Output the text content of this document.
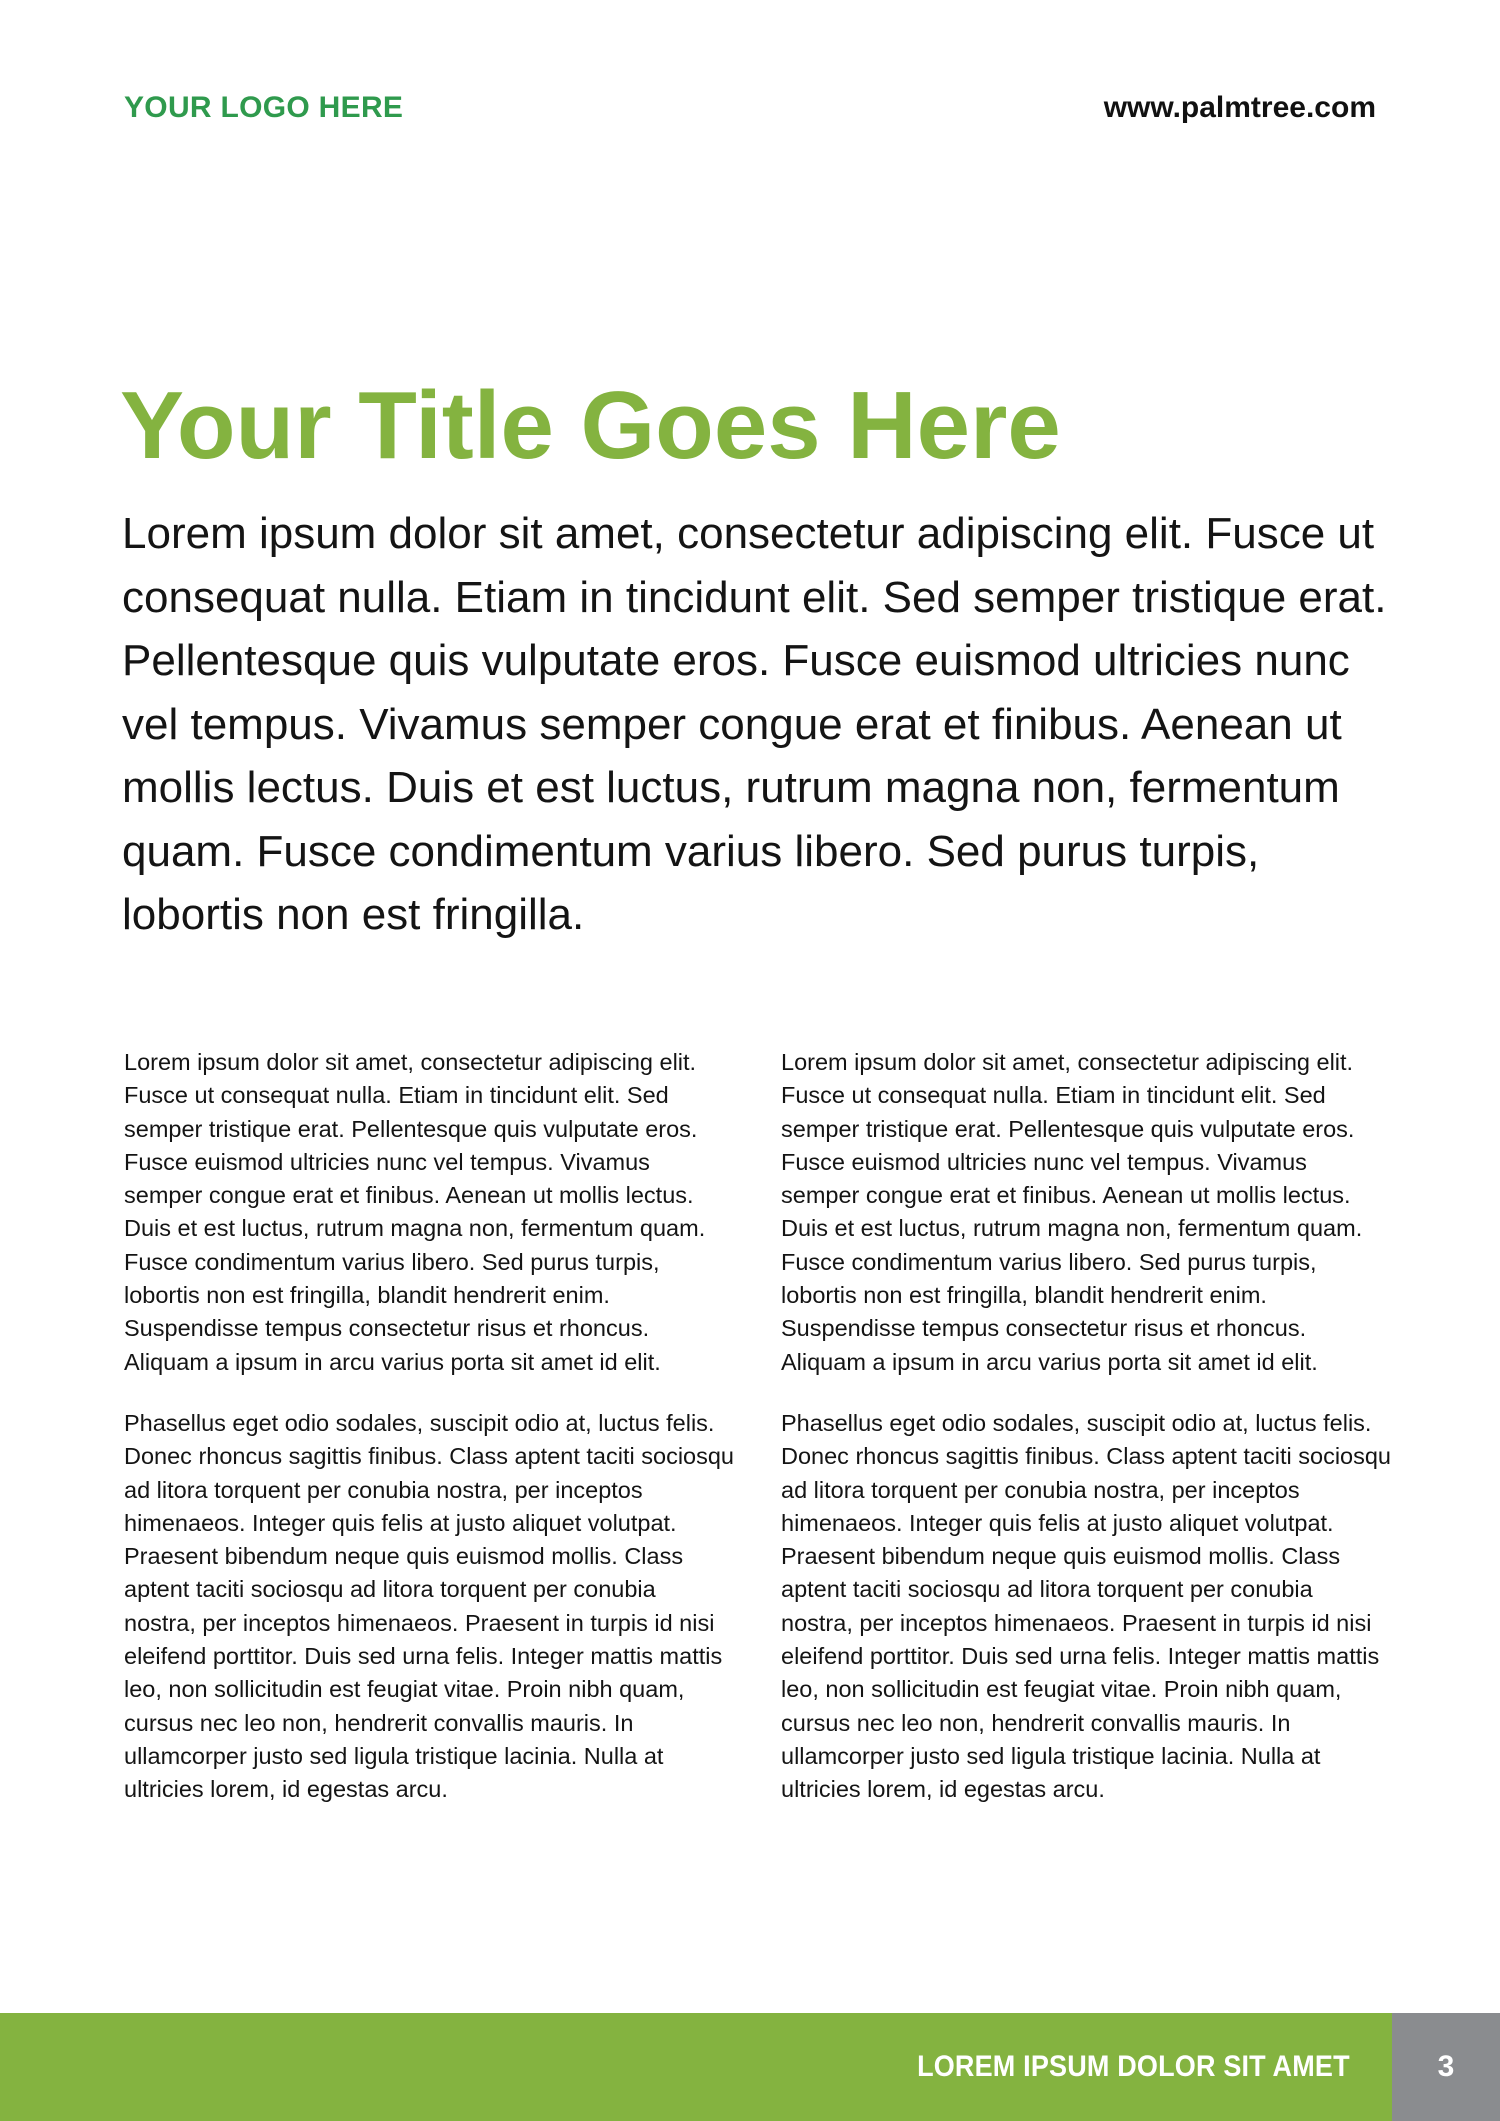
YOUR LOGO HERE	www.palmtree.com
Your Title Goes Here

Lorem ipsum dolor sit amet, consectetur adipiscing elit. Fusce ut consequat nulla. Etiam in tincidunt elit. Sed semper tristique erat. Pellentesque quis vulputate eros. Fusce euismod ultricies nunc vel tempus. Vivamus semper congue erat et finibus. Aenean ut mollis lectus. Duis et est luctus, rutrum magna non, fermentum quam. Fusce condimentum varius libero. Sed purus turpis, lobortis non est fringilla.

Lorem ipsum dolor sit amet, consectetur adipiscing elit. Fusce ut consequat nulla. Etiam in tincidunt elit. Sed semper tristique erat. Pellentesque quis vulputate eros. Fusce euismod ultricies nunc vel tempus. Vivamus semper congue erat et finibus. Aenean ut mollis lectus. Duis et est luctus, rutrum magna non, fermentum quam. Fusce condimentum varius libero. Sed purus turpis, lobortis non est fringilla, blandit hendrerit enim. Suspendisse tempus consectetur risus et rhoncus. Aliquam a ipsum in arcu varius porta sit amet id elit.

Phasellus eget odio sodales, suscipit odio at, luctus felis. Donec rhoncus sagittis finibus. Class aptent taciti sociosqu ad litora torquent per conubia nostra, per inceptos himenaeos. Integer quis felis at justo aliquet volutpat. Praesent bibendum neque quis euismod mollis. Class aptent taciti sociosqu ad litora torquent per conubia nostra, per inceptos himenaeos. Praesent in turpis id nisi eleifend porttitor. Duis sed urna felis. Integer mattis mattis leo, non sollicitudin est feugiat vitae. Proin nibh quam, cursus nec leo non, hendrerit convallis mauris. In ullamcorper justo sed ligula tristique lacinia. Nulla at ultricies lorem, id egestas arcu.

Lorem ipsum dolor sit amet, consectetur adipiscing elit. Fusce ut consequat nulla. Etiam in tincidunt elit. Sed semper tristique erat. Pellentesque quis vulputate eros. Fusce euismod ultricies nunc vel tempus. Vivamus semper congue erat et finibus. Aenean ut mollis lectus. Duis et est luctus, rutrum magna non, fermentum quam. Fusce condimentum varius libero. Sed purus turpis, lobortis non est fringilla, blandit hendrerit enim. Suspendisse tempus consectetur risus et rhoncus. Aliquam a ipsum in arcu varius porta sit amet id elit.

Phasellus eget odio sodales, suscipit odio at, luctus felis. Donec rhoncus sagittis finibus. Class aptent taciti sociosqu ad litora torquent per conubia nostra, per inceptos himenaeos. Integer quis felis at justo aliquet volutpat. Praesent bibendum neque quis euismod mollis. Class aptent taciti sociosqu ad litora torquent per conubia nostra, per inceptos himenaeos. Praesent in turpis id nisi eleifend porttitor. Duis sed urna felis. Integer mattis mattis leo, non sollicitudin est feugiat vitae. Proin nibh quam, cursus nec leo non, hendrerit convallis mauris. In ullamcorper justo sed ligula tristique lacinia. Nulla at ultricies lorem, id egestas arcu.

LOREM IPSUM DOLOR SIT AMET	3
